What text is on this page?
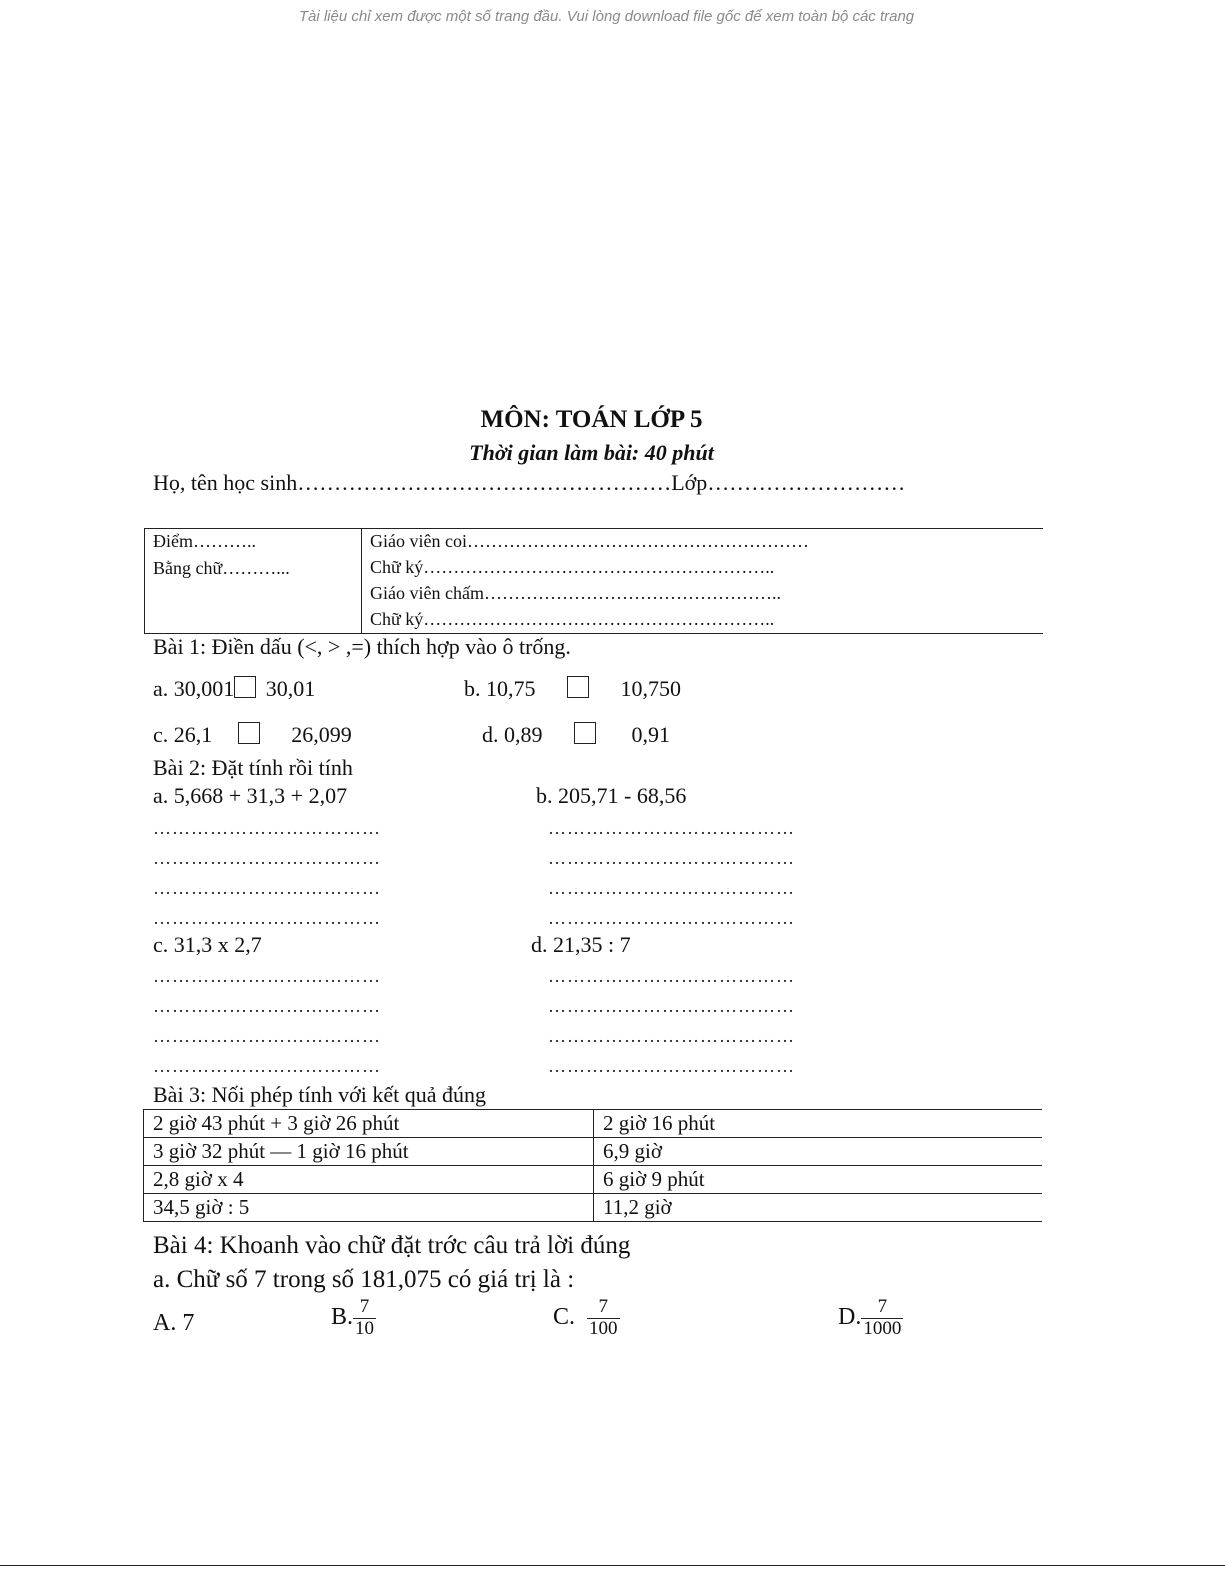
Tài liệu chỉ xem được một số trang đầu. Vui lòng download file gốc để xem toàn bộ các trang
MÔN: TOÁN LỚP 5
Thời gian làm bài: 40 phút
Họ, tên học sinh……………………………………………Lớp………………………
Điểm………..
Bằng chữ………...
Giáo viên coi…………………………………………………
Chữ ký…………………………………………………..
Giáo viên chấm…………………………………………..
Chữ ký…………………………………………………..
Bài 1: Điền dấu (<, > ,=) thích hợp vào ô trống.
a. 30,001 30,01	b. 10,75	10,750
c. 26,1	26,099	d. 0,89	0,91
Bài 2: Đặt tính rồi tính
a. 5,668 + 31,3 + 2,07	b. 205,71 - 68,56
………………………………
………………………………
………………………………
………………………………
…………………………………
…………………………………
…………………………………
…………………………………
c. 31,3 x 2,7	d. 21,35 : 7
………………………………
………………………………
………………………………
………………………………
…………………………………
…………………………………
…………………………………
…………………………………
Bài 3: Nối phép tính với kết quả đúng
2 giờ 43 phút + 3 giờ 26 phút	2 giờ 16 phút
3 giờ 32 phút — 1 giờ 16 phút	6,9 giờ
2,8 giờ x 4	6 giờ 9 phút
34,5 giờ : 5	11,2 giờ
Bài 4: Khoanh vào chữ đặt trớc câu trả lời đúng
a. Chữ số 7 trong số 181,075 có giá trị là :
A. 7	B. $\frac{7}{10}$	C. $\frac{7}{100}$	D. $\frac{7}{1000}$
